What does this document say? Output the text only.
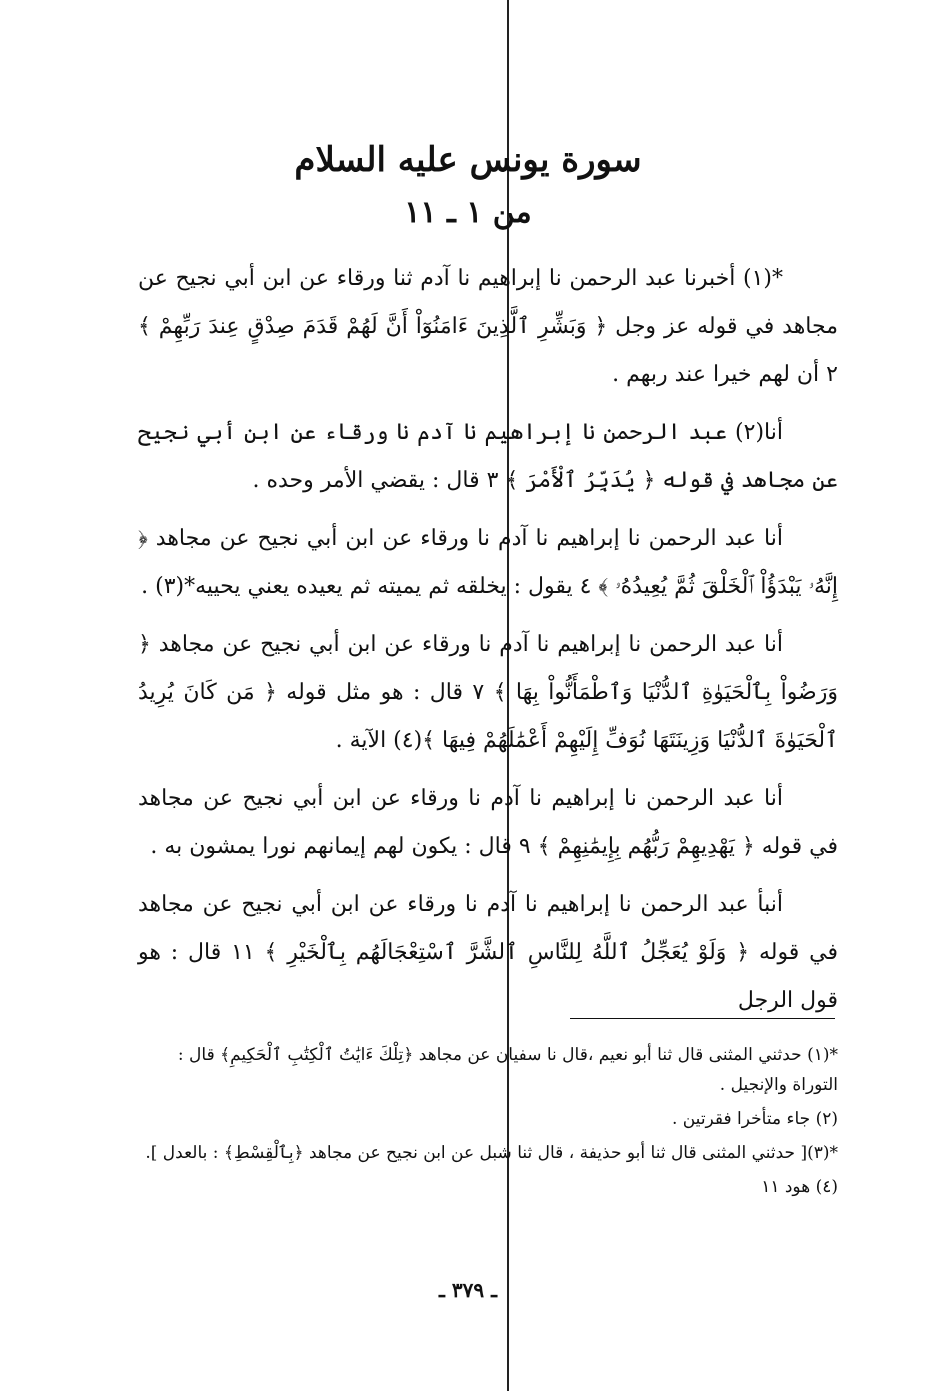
سورة يونس عليه السلام
من ١ ـ ١١

*(١) أخبرنا عبد الرحمن نا إبراهيم نا آدم ثنا ورقاء عن ابن أبي نجيح عن مجاهد في قوله عز وجل ﴿ وَبَشِّرِ ٱلَّذِينَ ءَامَنُوٓاْ أَنَّ لَهُمْ قَدَمَ صِدْقٍ عِندَ رَبِّهِمْ ﴾ ٢ أن لهم خيرا عند ربهم .

أنا(٢) عبد الرحمن نا إبراهيم نا آدم نا ورقاء عن ابن أبي نجيح عن مجاهد في قوله ﴿ يُدَبِّرُ ٱلْأَمْرَ ﴾ ٣ قال : يقضي الأمر وحده .

أنا عبد الرحمن نا إبراهيم نا آدم نا ورقاء عن ابن أبي نجيح عن مجاهد ﴿ إِنَّهُۥ يَبْدَؤُاْ ٱلْخَلْقَ ثُمَّ يُعِيدُهُۥ ﴾ ٤ يقول : يخلقه ثم يميته ثم يعيده يعني يحييه*(٣) .

أنا عبد الرحمن نا إبراهيم نا آدم نا ورقاء عن ابن أبي نجيح عن مجاهد ﴿ وَرَضُواْ بِٱلْحَيَوٰةِ ٱلدُّنْيَا وَٱطْمَأَنُّواْ بِهَا ﴾ ٧ قال : هو مثل قوله ﴿ مَن كَانَ يُرِيدُ ٱلْحَيَوٰةَ ٱلدُّنْيَا وَزِينَتَهَا نُوَفِّ إِلَيْهِمْ أَعْمَٰلَهُمْ فِيهَا ﴾(٤) الآية .

أنا عبد الرحمن نا إبراهيم نا آدم نا ورقاء عن ابن أبي نجيح عن مجاهد في قوله ﴿ يَهْدِيهِمْ رَبُّهُم بِإِيمَٰنِهِمْ ﴾ ٩ قال : يكون لهم إيمانهم نورا يمشون به .

أنبأ عبد الرحمن نا إبراهيم نا آدم نا ورقاء عن ابن أبي نجيح عن مجاهد في قوله ﴿ وَلَوْ يُعَجِّلُ ٱللَّهُ لِلنَّاسِ ٱلشَّرَّ ٱسْتِعْجَالَهُم بِٱلْخَيْرِ ﴾ ١١ قال : هو قول الرجل

*(١) حدثني المثنى قال ثنا أبو نعيم ،قال نا سفيان عن مجاهد ﴿تِلْكَ ءَايَٰتُ ٱلْكِتَٰبِ ٱلْحَكِيمِ﴾ قال : التوراة والإنجيل .

(٢) جاء متأخرا فقرتين .

*(٣)[ حدثني المثنى قال ثنا أبو حذيفة ، قال ثنا شبل عن ابن نجيح عن مجاهد ﴿بِٱلْقِسْطِ﴾ : بالعدل ].

(٤) هود ١١

ـ ٣٧٩ ـ
